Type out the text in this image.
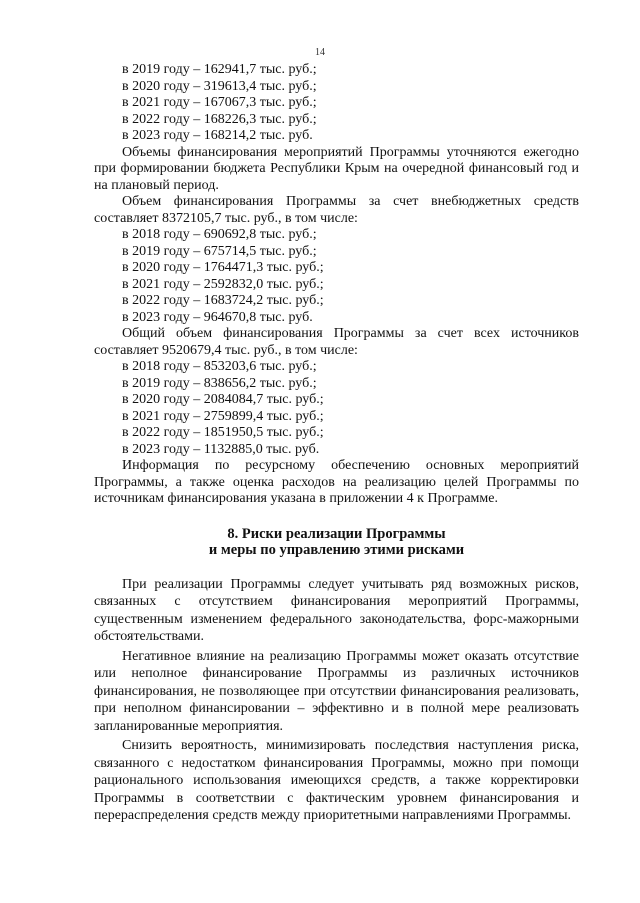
14
в 2019 году – 162941,7 тыс. руб.;
в 2020 году – 319613,4 тыс. руб.;
в 2021 году – 167067,3 тыс. руб.;
в 2022 году – 168226,3 тыс. руб.;
в 2023 году – 168214,2 тыс. руб.
Объемы финансирования мероприятий Программы уточняются ежегодно при формировании бюджета Республики Крым на очередной финансовый год и на плановый период.
Объем финансирования Программы за счет внебюджетных средств составляет 8372105,7 тыс. руб., в том числе:
в 2018 году – 690692,8 тыс. руб.;
в 2019 году – 675714,5 тыс. руб.;
в 2020 году – 1764471,3 тыс. руб.;
в 2021 году – 2592832,0 тыс. руб.;
в 2022 году – 1683724,2 тыс. руб.;
в 2023 году – 964670,8 тыс. руб.
Общий объем финансирования Программы за счет всех источников составляет 9520679,4 тыс. руб., в том числе:
в 2018 году – 853203,6 тыс. руб.;
в 2019 году – 838656,2 тыс. руб.;
в 2020 году – 2084084,7 тыс. руб.;
в 2021 году – 2759899,4 тыс. руб.;
в 2022 году – 1851950,5 тыс. руб.;
в 2023 году – 1132885,0 тыс. руб.
Информация по ресурсному обеспечению основных мероприятий Программы, а также оценка расходов на реализацию целей Программы по источникам финансирования указана в приложении 4 к Программе.
8. Риски реализации Программы
и меры по управлению этими рисками
При реализации Программы следует учитывать ряд возможных рисков, связанных с отсутствием финансирования мероприятий Программы, существенным изменением федерального законодательства, форс-мажорными обстоятельствами.
Негативное влияние на реализацию Программы может оказать отсутствие или неполное финансирование Программы из различных источников финансирования, не позволяющее при отсутствии финансирования реализовать, при неполном финансировании – эффективно и в полной мере реализовать запланированные мероприятия.
Снизить вероятность, минимизировать последствия наступления риска, связанного с недостатком финансирования Программы, можно при помощи рационального использования имеющихся средств, а также корректировки Программы в соответствии с фактическим уровнем финансирования и перераспределения средств между приоритетными направлениями Программы.
